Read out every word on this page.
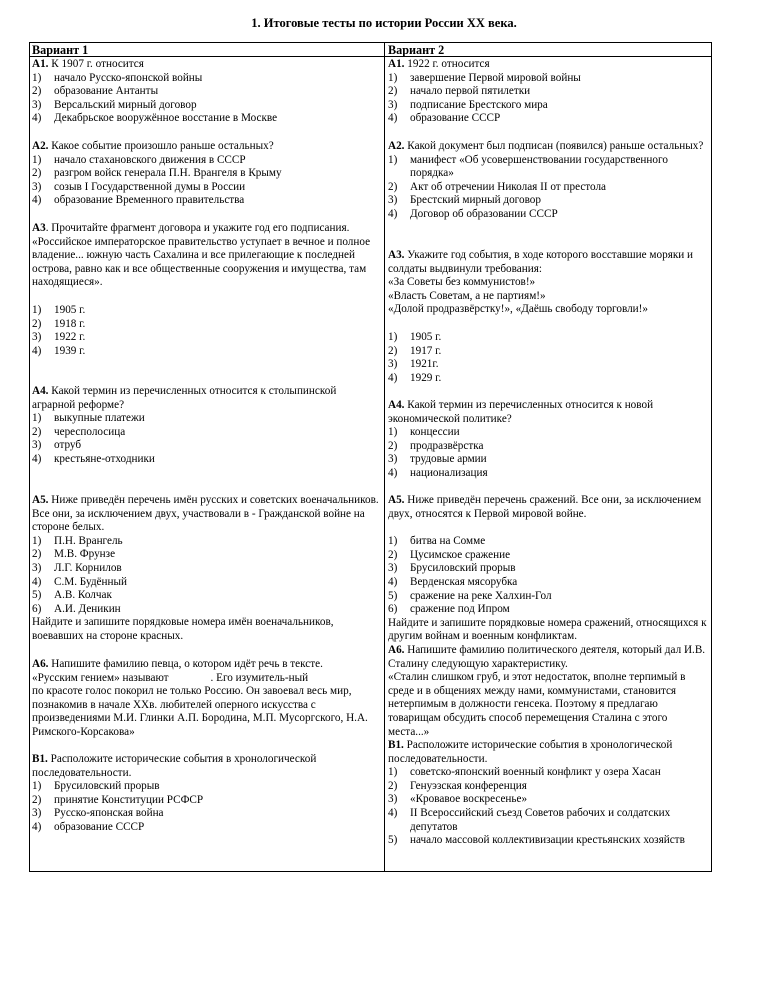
1. Итоговые тесты по истории России XX века.
Вариант 1

A1. К 1907 г. относится

1)	начало Русско-японской войны
2)	образование Антанты
3)	Версальский мирный договор
4)	Декабрьское вооружённое восстание в Москве

A2. Какое событие произошло раньше остальных?

1)	начало стахановского движения в СССР
2)	разгром войск генерала П.Н. Врангеля в Крыму
3)	созыв I Государственной думы в России
4)	образование Временного правительства

A3. Прочитайте фрагмент договора и укажите год его подписания.

«Российское императорское правительство уступает в вечное и полное владение... южную часть Сахалина и все прилегающие к последней острова, равно как и все общественные сооружения и имущества, там находящиеся».

1)	1905 г.
2)	1918 г.
3)	1922 г.
4)	1939 г.

A4. Какой термин из перечисленных относится к столыпинской аграрной реформе?

1)	выкупные платежи
2)	чересполосица
3)	отруб
4)	крестьяне-отходники

A5. Ниже приведён перечень имён русских и советских военачальников. Все они, за исключением двух, участвовали в - Гражданской войне на стороне белых.

1)	П.Н. Врангель
2)	М.В. Фрунзе
3)	Л.Г. Корнилов
4)	С.М. Будённый
5)	А.В. Колчак
6)	А.И. Деникин

Найдите и запишите порядковые номера имён военачальников, воевавших на стороне красных.

A6. Напишите фамилию певца, о котором идёт речь в тексте.

«Русским гением» называют	. Его изумитель-ный

по красоте голос покорил не только Россию. Он завоевал весь мир, познакомив в начале XXв. любителей оперного искусства с произведениями М.И. Глинки А.П. Бородина, М.П. Мусоргского, Н.А. Римского-Корсакова»

B1. Расположите исторические события в хронологической последовательности.

1)	Брусиловский прорыв
2)	принятие Конституции РСФСР
3)	Русско-японская война
4)	образование СССР
Вариант 2

A1. 1922 г. относится

1)	завершение Первой мировой войны
2)	начало первой пятилетки
3)	подписание Брестского мира
4)	образование СССР

A2. Какой документ был подписан (появился) раньше остальных?

1)	манифест «Об усовершенствовании государственного порядка»
2)	Акт об отречении Николая II от престола
3)	Брестский мирный договор
4)	Договор об образовании СССР

A3. Укажите год события, в ходе которого восставшие моряки и солдаты выдвинули требования:

«За Советы без коммунистов!»

«Власть Советам, а не партиям!»

«Долой продразвёрстку!», «Даёшь свободу торговли!»

1)	1905 г.
2)	1917 г.
3)	1921г.
4)	1929 г.

A4. Какой термин из перечисленных относится к новой экономической политике?

1)	концессии
2)	продразвёрстка
3)	трудовые армии
4)	национализация

A5. Ниже приведён перечень сражений. Все они, за исключением двух, относятся к Первой мировой войне.

1)	битва на Сомме
2)	Цусимское сражение
3)	Брусиловский прорыв
4)	Верденская мясорубка
5)	сражение на реке Халхин-Гол
6)	сражение под Ипром

Найдите и запишите порядковые номера сражений, относящихся к другим войнам и военным конфликтам.

A6. Напишите фамилию политического деятеля, который дал И.В. Сталину следующую характеристику.

«Сталин слишком груб, и этот недостаток, вполне терпимый в среде и в общениях между нами, коммунистами, становится нетерпимым в должности генсека. Поэтому я предлагаю товарищам обсудить способ перемещения Сталина с этого места...»

B1. Расположите исторические события в хронологической последовательности.

1)	советско-японский военный конфликт у озера Хасан
2)	Генуэзская конференция
3)	«Кровавое воскресенье»
4)	II Всероссийский съезд Советов рабочих и солдатских депутатов
5)	начало массовой коллективизации крестьянских хозяйств
